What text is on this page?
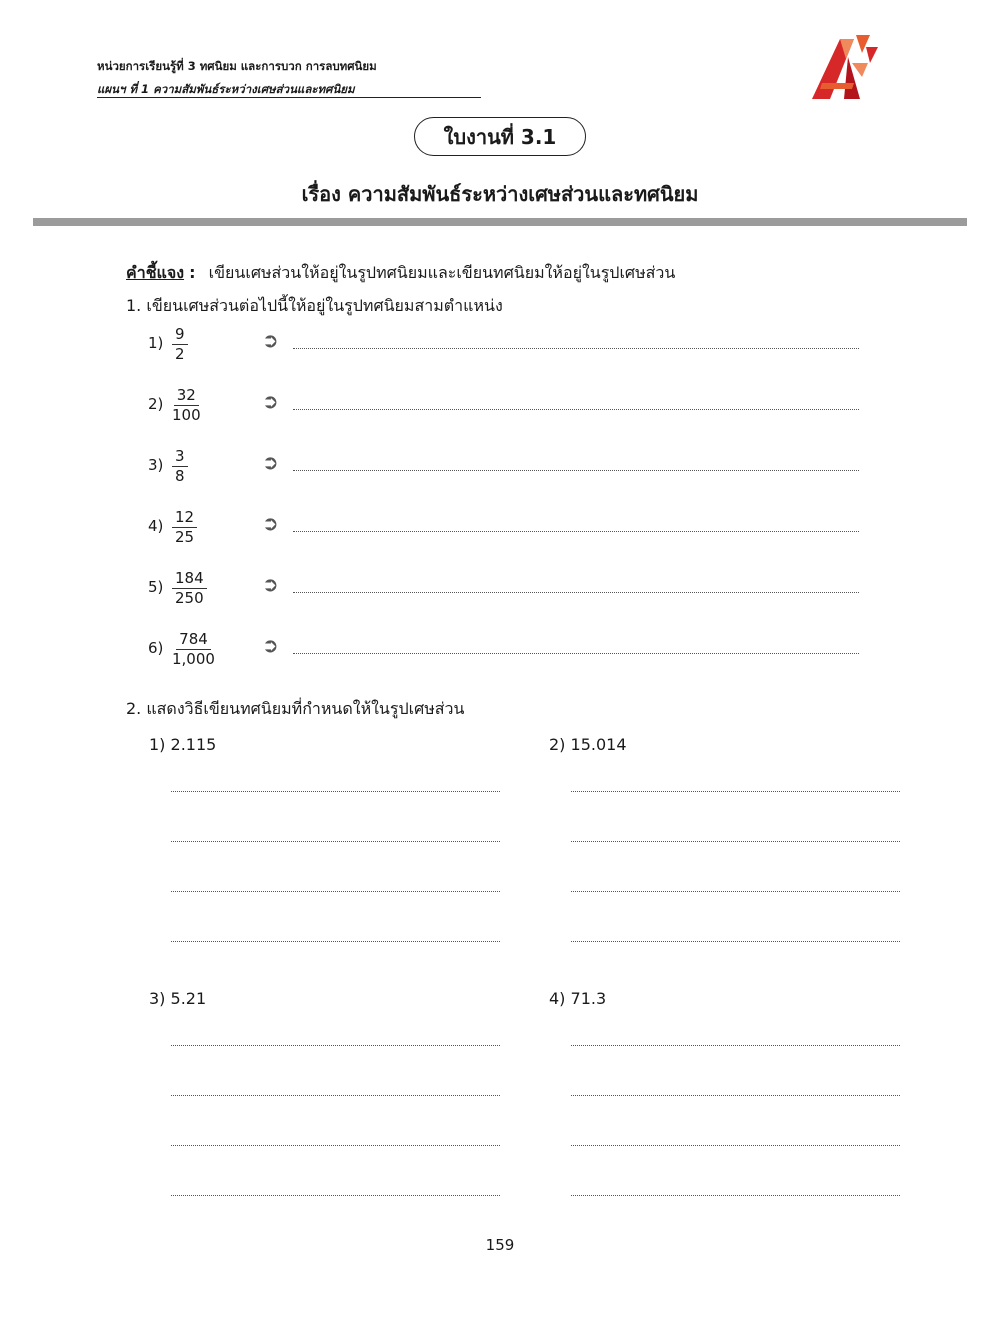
หน่วยการเรียนรู้ที่ 3 ทศนิยม และการบวก การลบทศนิยม
แผนฯ ที่ 1 ความสัมพันธ์ระหว่างเศษส่วนและทศนิยม
ใบงานที่ 3.1
เรื่อง ความสัมพันธ์ระหว่างเศษส่วนและทศนิยม
คำชี้แจง : เขียนเศษส่วนให้อยู่ในรูปทศนิยมและเขียนทศนิยมให้อยู่ในรูปเศษส่วน
1. เขียนเศษส่วนต่อไปนี้ให้อยู่ในรูปทศนิยมสามตำแหน่ง
$1) \frac{9}{2}$	➲
$2) \frac{32}{100}$	➲
$3) \frac{3}{8}$	➲
$4) \frac{12}{25}$	➲
$5) \frac{184}{250}$	➲
$6) \frac{784}{1,000}$ ➲
2. แสดงวิธีเขียนทศนิยมที่กำหนดให้ในรูปเศษส่วน
1) 2.115	2) 15.014
3) 5.21	4) 71.3
159
